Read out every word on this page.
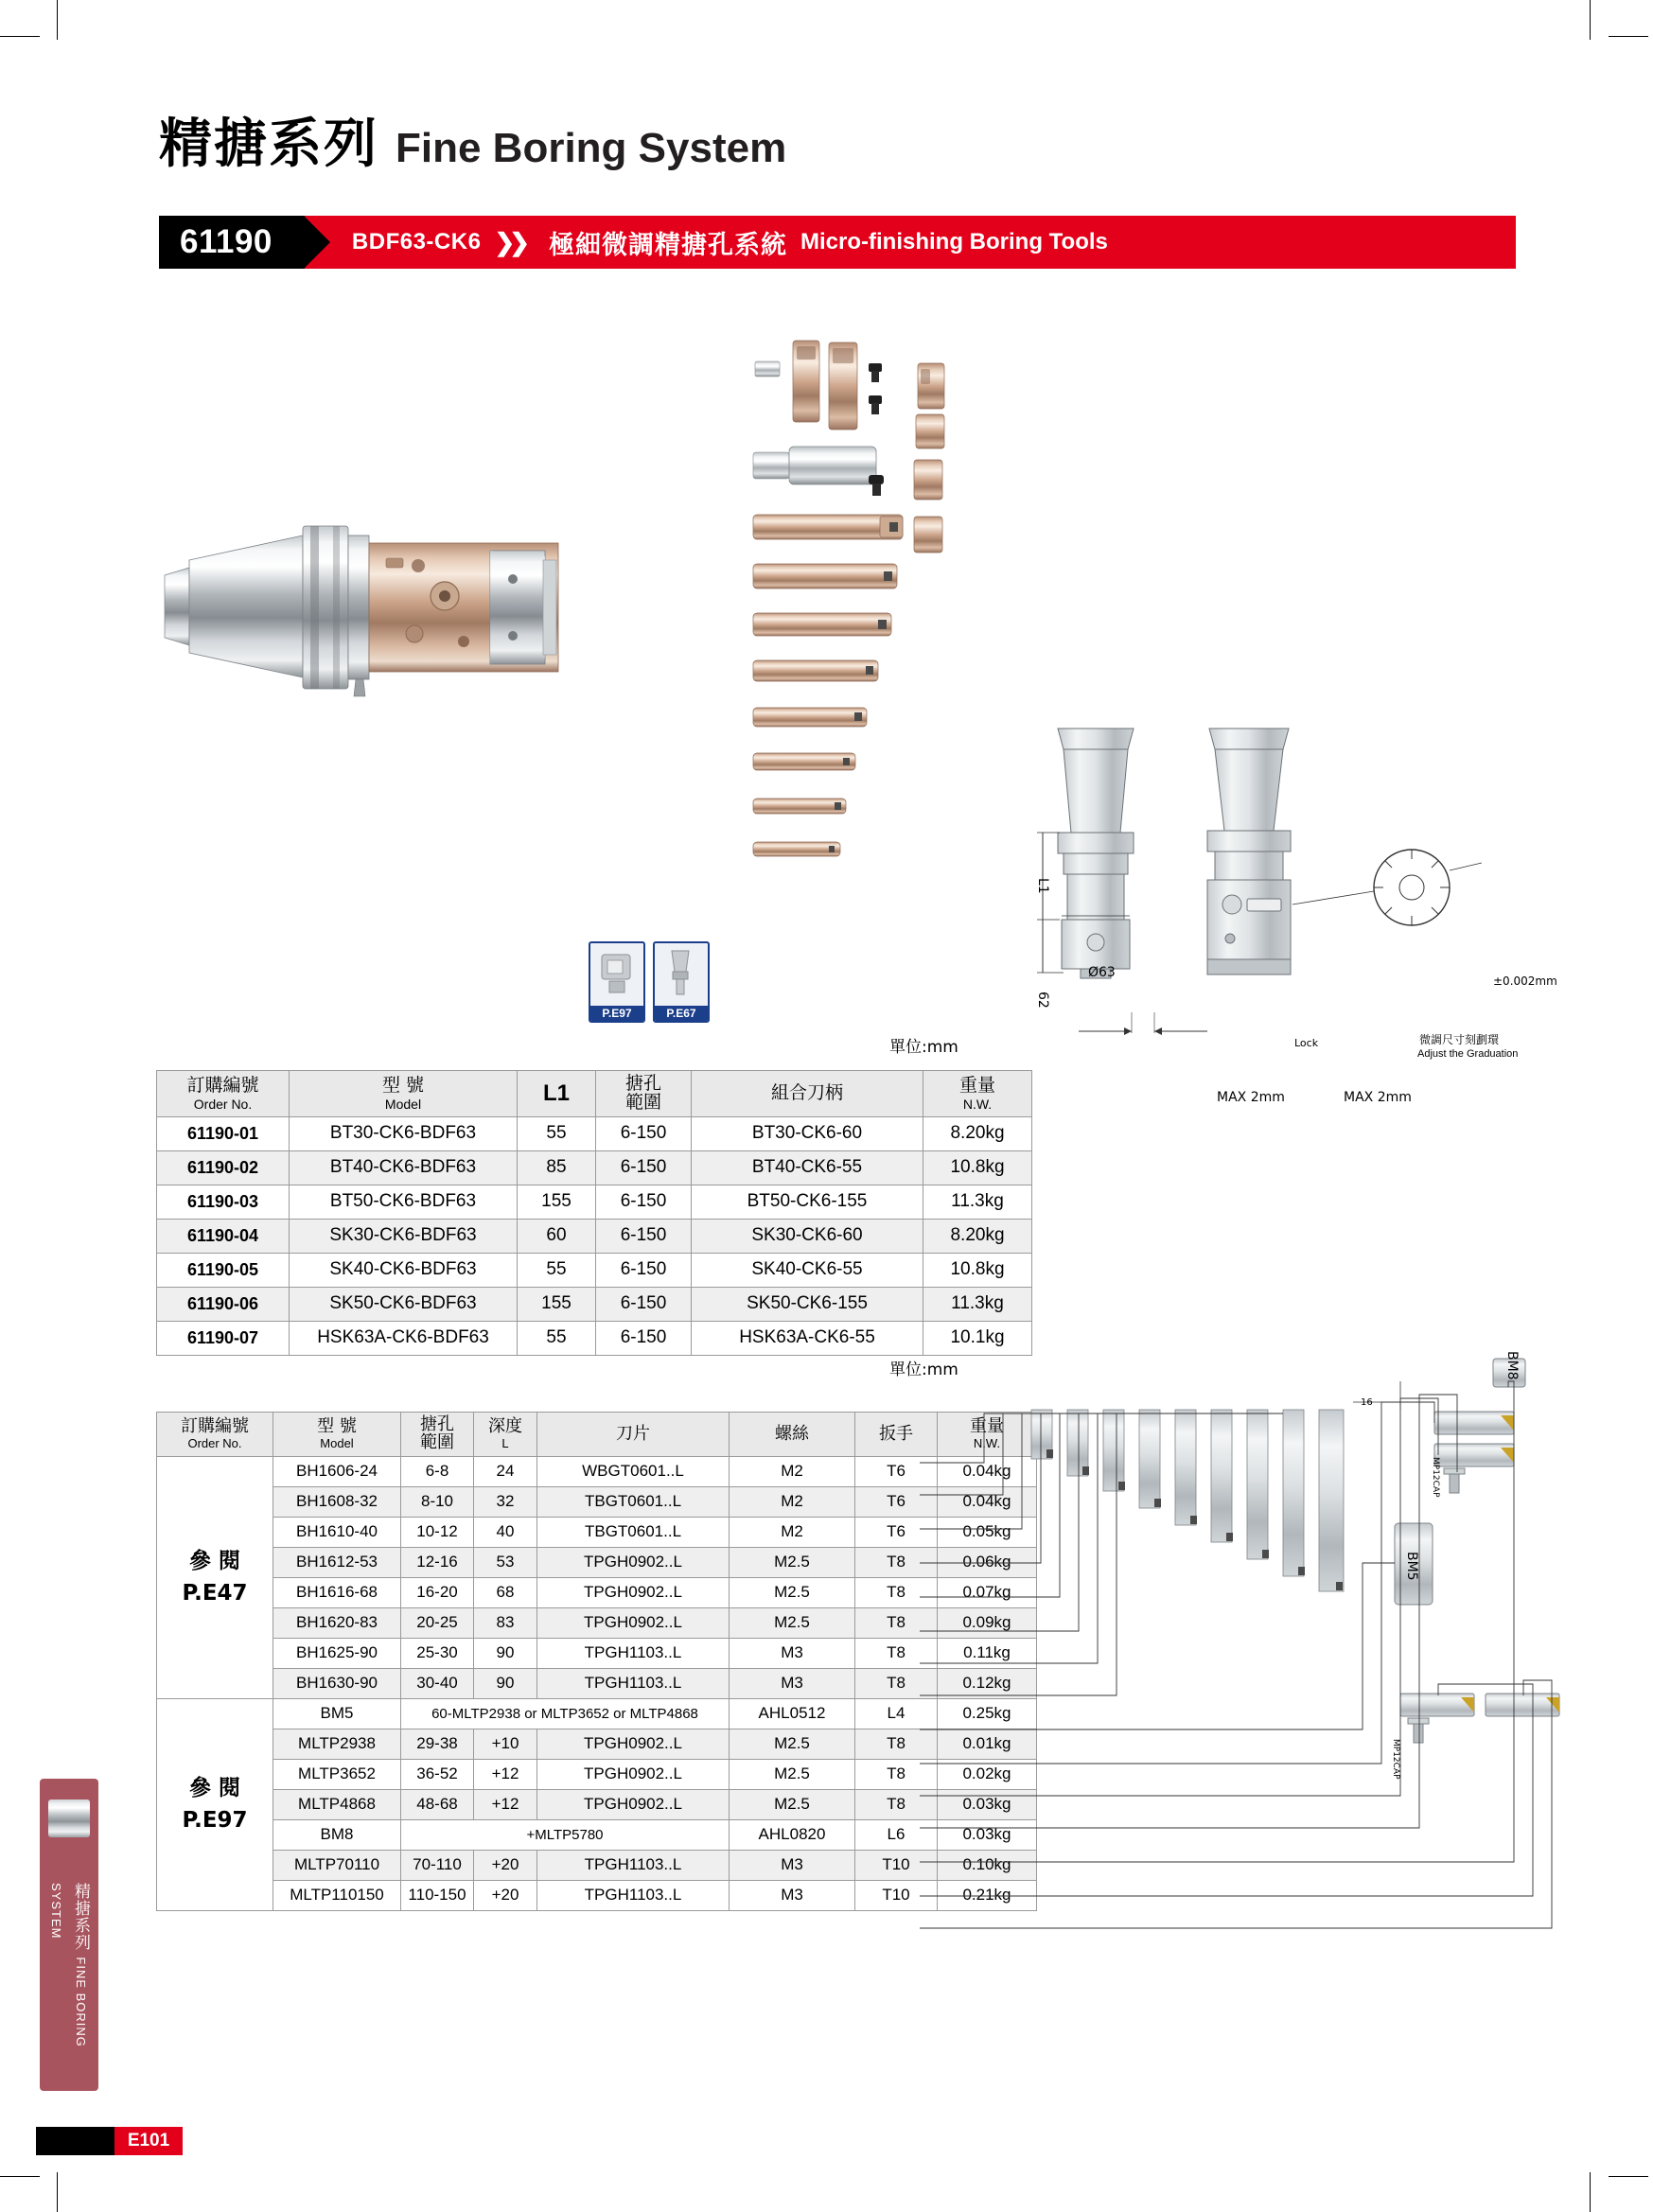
精搪系列 Fine Boring System
61190	BDF63-CK6 ❯❯ 極細微調精搪孔系統 Micro-finishing Boring Tools
P.E97	P.E67
單位:mm
L1
62
Ø63
MAX 2mm	MAX 2mm
±0.002mm
Lock	微調尺寸刻劃環
Adjust the Graduation
訂購編號
Order No.	型 號
Model	L1	搪孔
範圍	組合刀柄	重量
N.W.

61190-01	BT30-CK6-BDF63	55	6-150	BT30-CK6-60	8.20kg
61190-02	BT40-CK6-BDF63	85	6-150	BT40-CK6-55	10.8kg
61190-03	BT50-CK6-BDF63	155	6-150	BT50-CK6-155	11.3kg
61190-04	SK30-CK6-BDF63	60	6-150	SK30-CK6-60	8.20kg
61190-05	SK40-CK6-BDF63	55	6-150	SK40-CK6-55	10.8kg
61190-06	SK50-CK6-BDF63	155	6-150	SK50-CK6-155	11.3kg
61190-07	HSK63A-CK6-BDF63	55	6-150	HSK63A-CK6-55	10.1kg
單位:mm
訂購編號
Order No.	型 號
Model	搪孔
範圍	深度
L	刀片	螺絲	扳手	重量
N.W.

參 閱
P.E47	BH1606-24	6-8	24	WBGT0601..L	M2	T6	0.04kg
	BH1608-32	8-10	32	TBGT0601..L	M2	T6	0.04kg
	BH1610-40	10-12	40	TBGT0601..L	M2	T6	0.05kg
	BH1612-53	12-16	53	TPGH0902..L	M2.5	T8	0.06kg
	BH1616-68	16-20	68	TPGH0902..L	M2.5	T8	0.07kg
	BH1620-83	20-25	83	TPGH0902..L	M2.5	T8	0.09kg
	BH1625-90	25-30	90	TPGH1103..L	M3	T8	0.11kg
	BH1630-90	30-40	90	TPGH1103..L	M3	T8	0.12kg
參 閱
P.E97	BM5	60-MLTP2938 or MLTP3652 or MLTP4868			AHL0512	L4	0.25kg
	MLTP2938	29-38	+10	TPGH0902..L	M2.5	T8	0.01kg
	MLTP3652	36-52	+12	TPGH0902..L	M2.5	T8	0.02kg
	MLTP4868	48-68	+12	TPGH0902..L	M2.5	T8	0.03kg
	BM8	+MLTP5780			AHL0820	L6	0.03kg
	MLTP70110	70-110	+20	TPGH1103..L	M3	T10	0.10kg
	MLTP110150	110-150	+20	TPGH1103..L	M3	T10	0.21kg
BM8
BM5
16
MP12CAP
MP12CAP
精搪系列 FINE BORING SYSTEM
E101
